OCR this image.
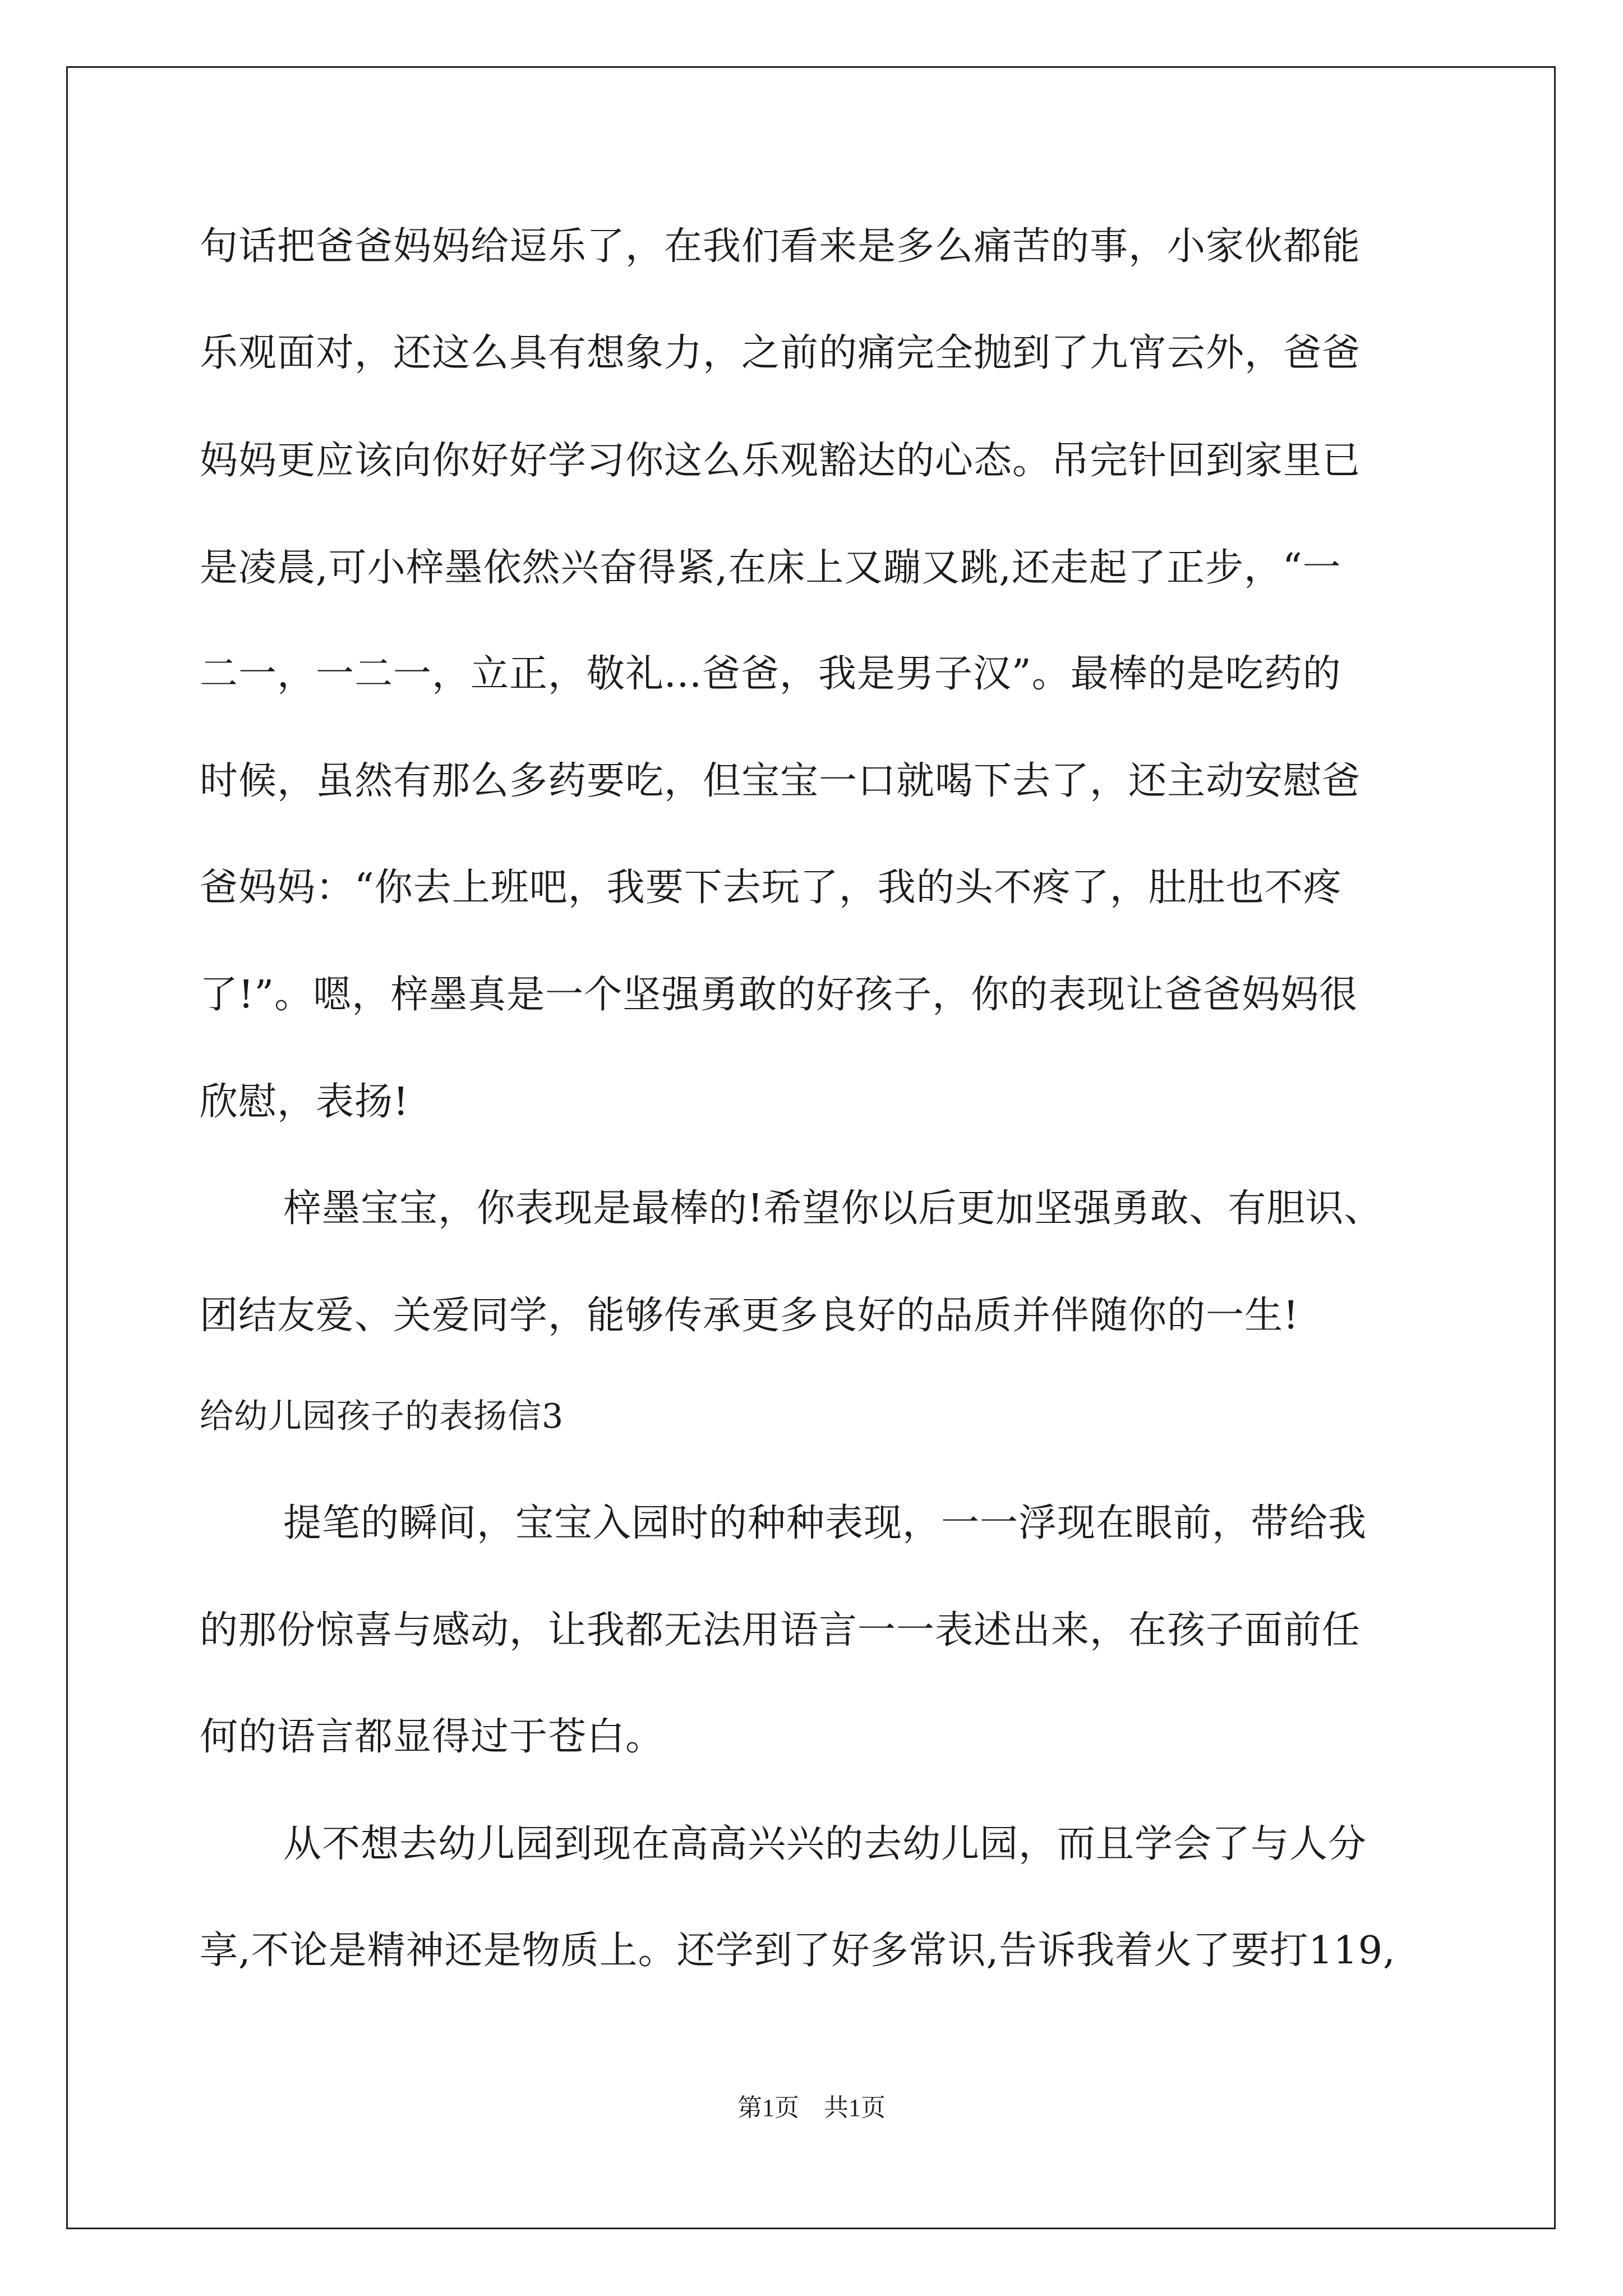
句话把爸爸妈妈给逗乐了，在我们看来是多么痛苦的事，小家伙都能
乐观面对，还这么具有想象力，之前的痛完全抛到了九宵云外，爸爸
妈妈更应该向你好好学习你这么乐观豁达的心态。吊完针回到家里已
是凌晨,可小梓墨依然兴奋得紧,在床上又蹦又跳,还走起了正步，“一
二一，一二一，立正，敬礼...爸爸，我是男子汉”。最棒的是吃药的
时候，虽然有那么多药要吃，但宝宝一口就喝下去了，还主动安慰爸
爸妈妈：“你去上班吧，我要下去玩了，我的头不疼了，肚肚也不疼
了!”。嗯，梓墨真是一个坚强勇敢的好孩子，你的表现让爸爸妈妈很
欣慰，表扬!
梓墨宝宝，你表现是最棒的!希望你以后更加坚强勇敢、有胆识、
团结友爱、关爱同学，能够传承更多良好的品质并伴随你的一生!
给幼儿园孩子的表扬信3
提笔的瞬间，宝宝入园时的种种表现，一一浮现在眼前，带给我
的那份惊喜与感动，让我都无法用语言一一表述出来，在孩子面前任
何的语言都显得过于苍白。
从不想去幼儿园到现在高高兴兴的去幼儿园，而且学会了与人分
享,不论是精神还是物质上。还学到了好多常识,告诉我着火了要打119,
第1页　共1页
